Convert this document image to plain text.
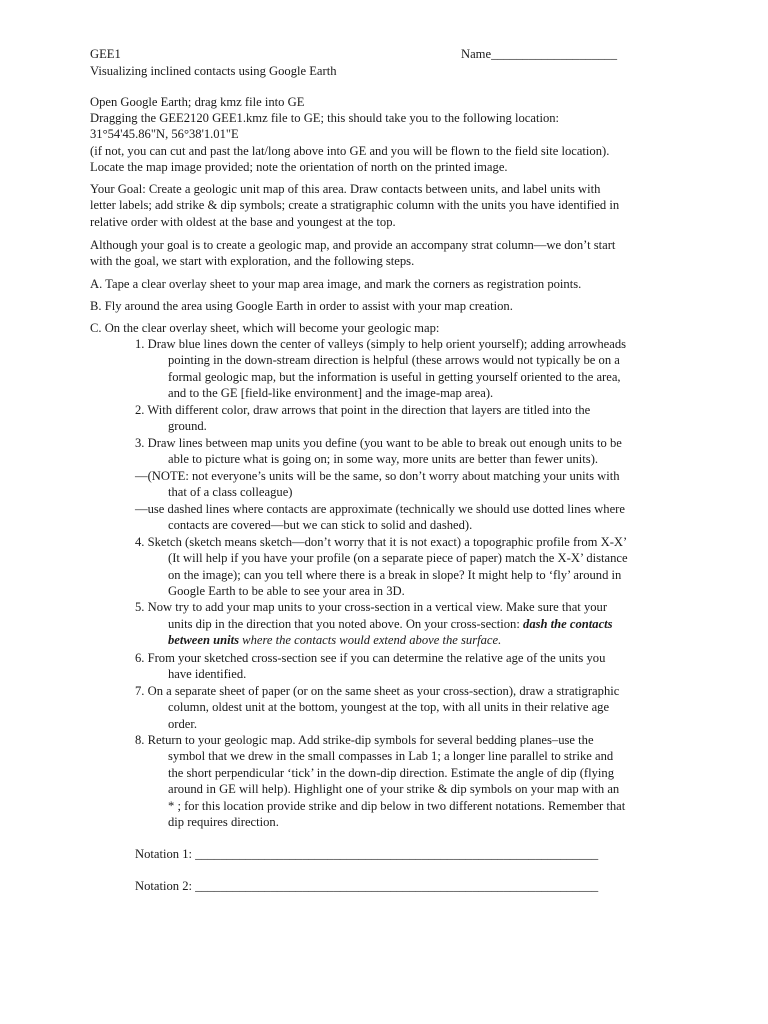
GEE1	Name____________________
Visualizing inclined contacts using Google Earth
Open Google Earth; drag kmz file into GE
Dragging the GEE2120 GEE1.kmz file to GE; this should take you to the following location:
31°54'45.86"N, 56°38'1.01"E
(if not, you can cut and past the lat/long above into GE and you will be flown to the field site location).
Locate the map image provided; note the orientation of north on the printed image.
Your Goal: Create a geologic unit map of this area. Draw contacts between units, and label units with
letter labels; add strike & dip symbols; create a stratigraphic column with the units you have identified in
relative order with oldest at the base and youngest at the top.
Although your goal is to create a geologic map, and provide an accompany strat column—we don’t start
with the goal, we start with exploration, and the following steps.
A. Tape a clear overlay sheet to your map area image, and mark the corners as registration points.
B. Fly around the area using Google Earth in order to assist with your map creation.
C. On the clear overlay sheet, which will become your geologic map:
1. Draw blue lines down the center of valleys (simply to help orient yourself); adding arrowheads
pointing in the down-stream direction is helpful (these arrows would not typically be on a
formal geologic map, but the information is useful in getting yourself oriented to the area,
and to the GE [field-like environment] and the image-map area).
2. With different color, draw arrows that point in the direction that layers are titled into the
ground.
3. Draw lines between map units you define (you want to be able to break out enough units to be
able to picture what is going on; in some way, more units are better than fewer units).
—(NOTE: not everyone’s units will be the same, so don’t worry about matching your units with
that of a class colleague)
—use dashed lines where contacts are approximate (technically we should use dotted lines where
contacts are covered—but we can stick to solid and dashed).
4. Sketch (sketch means sketch—don’t worry that it is not exact) a topographic profile from X-X’
(It will help if you have your profile (on a separate piece of paper) match the X-X’ distance
on the image); can you tell where there is a break in slope? It might help to ‘fly’ around in
Google Earth to be able to see your area in 3D.
5. Now try to add your map units to your cross-section in a vertical view. Make sure that your
units dip in the direction that you noted above. On your cross-section: dash the contacts
between units where the contacts would extend above the surface.
6. From your sketched cross-section see if you can determine the relative age of the units you
have identified.
7. On a separate sheet of paper (or on the same sheet as your cross-section), draw a stratigraphic
column, oldest unit at the bottom, youngest at the top, with all units in their relative age
order.
8. Return to your geologic map. Add strike-dip symbols for several bedding planes–use the
symbol that we drew in the small compasses in Lab 1; a longer line parallel to strike and
the short perpendicular ‘tick’ in the down-dip direction. Estimate the angle of dip (flying
around in GE will help). Highlight one of your strike & dip symbols on your map with an
* ; for this location provide strike and dip below in two different notations. Remember that
dip requires direction.
Notation 1: ________________________________________________________________
Notation 2: ________________________________________________________________
